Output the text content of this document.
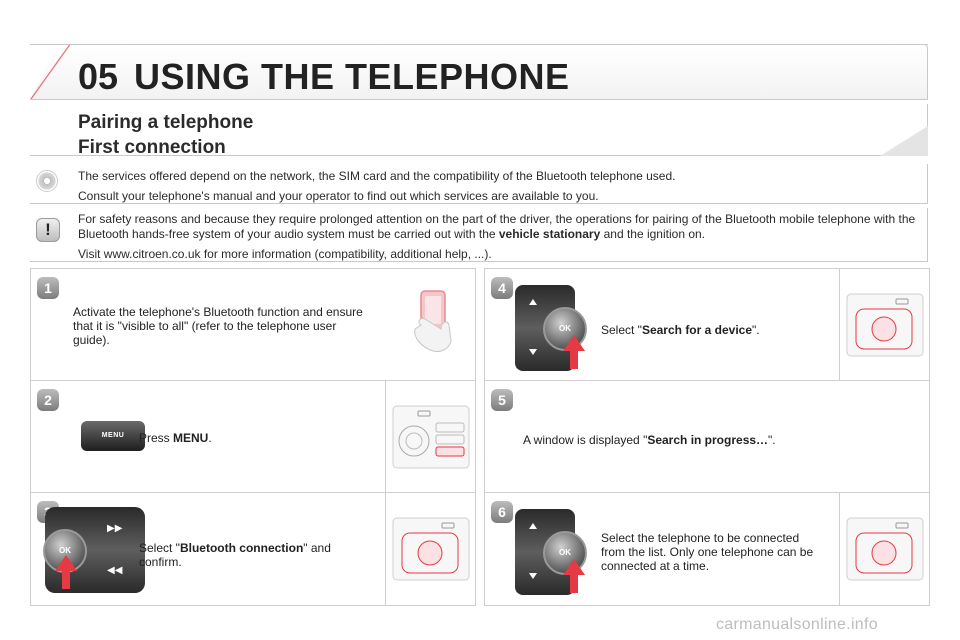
05 USING THE TELEPHONE
Pairing a telephone
First connection

The services offered depend on the network, the SIM card and the compatibility of the Bluetooth telephone used.

Consult your telephone's manual and your operator to find out which services are available to you.

!

For safety reasons and because they require prolonged attention on the part of the driver, the operations for pairing of the Bluetooth mobile telephone with the Bluetooth hands-free system of your audio system must be carried out with the vehicle stationary and the ignition on.

Visit www.citroen.co.uk for more information (compatibility, additional help, ...).

1
Activate the telephone's Bluetooth function and ensure that it is "visible to all" (refer to the telephone user guide).
2
MENU	Press MENU.
▶▶
◀◀
OK	Select "Bluetooth connection" and confirm.
4
OK	Select "Search for a device".
5
A window is displayed "Search in progress…".
6
OK
Select the telephone to be connected from the list. Only one telephone can be connected at a time.
carmanualsonline.info
